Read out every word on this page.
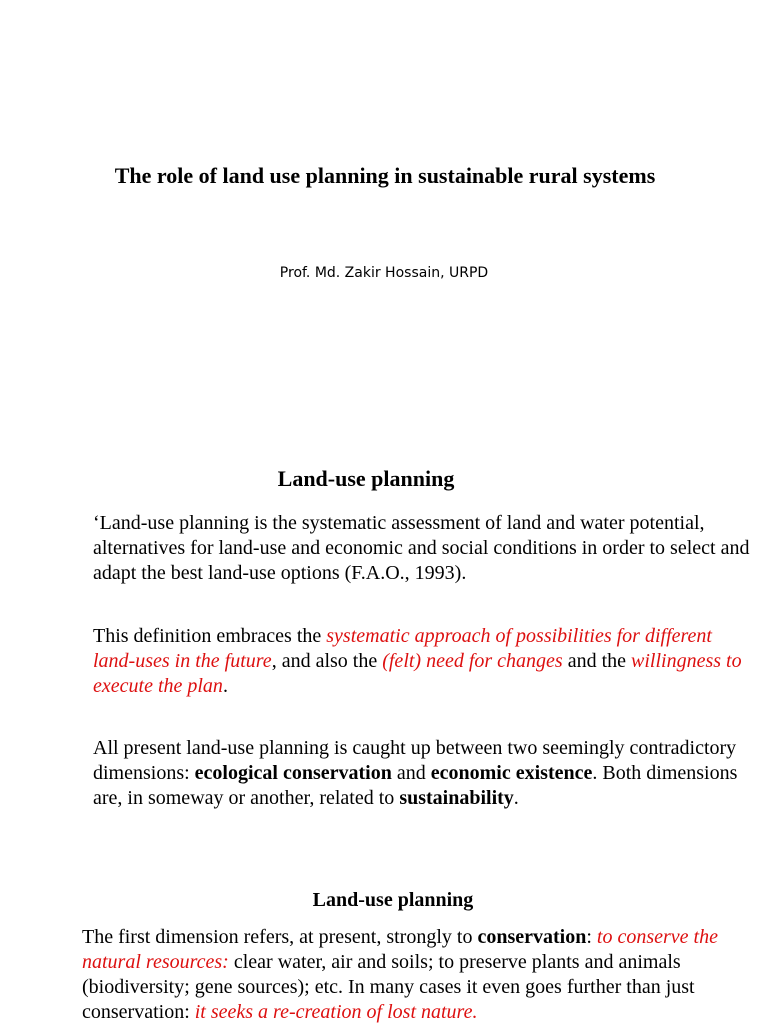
The role of land use planning in sustainable rural systems
Prof. Md. Zakir Hossain, URPD
Land-use planning

‘Land-use planning is the systematic assessment of land and water potential, alternatives for land-use and economic and social conditions in order to select and adapt the best land-use options (F.A.O., 1993).

This definition embraces the systematic approach of possibilities for different land-uses in the future, and also the (felt) need for changes and the willingness to execute the plan.

All present land-use planning is caught up between two seemingly contradictory dimensions: ecological conservation and economic existence. Both dimensions are, in someway or another, related to sustainability.

Land-use planning

The first dimension refers, at present, strongly to conservation: to conserve the natural resources: clear water, air and soils; to preserve plants and animals (biodiversity; gene sources); etc. In many cases it even goes further than just conservation: it seeks a re-creation of lost nature.
